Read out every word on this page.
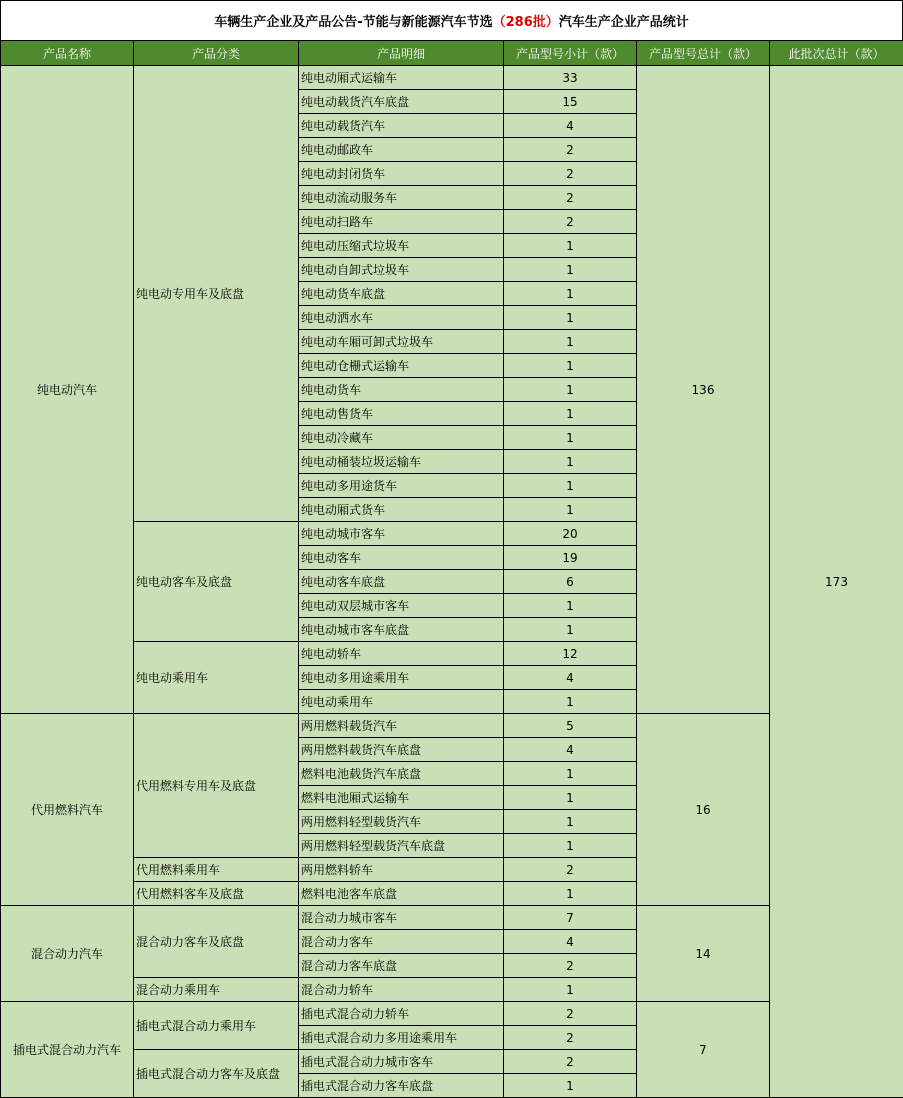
车辆生产企业及产品公告-节能与新能源汽车节选 （286批） 汽车生产企业产品统计
产品名称	产品分类	产品明细	产品型号小计（款）	产品型号总计（款）	此批次总计（款）
纯电动汽车	纯电动专用车及底盘	纯电动厢式运输车	33	136	173
		纯电动载货汽车底盘	15		
		纯电动载货汽车	4		
		纯电动邮政车	2		
		纯电动封闭货车	2		
		纯电动流动服务车	2		
		纯电动扫路车	2		
		纯电动压缩式垃圾车	1		
		纯电动自卸式垃圾车	1		
		纯电动货车底盘	1		
		纯电动洒水车	1		
		纯电动车厢可卸式垃圾车	1		
		纯电动仓栅式运输车	1		
		纯电动货车	1		
		纯电动售货车	1		
		纯电动冷藏车	1		
		纯电动桶装垃圾运输车	1		
		纯电动多用途货车	1		
		纯电动厢式货车	1		
	纯电动客车及底盘	纯电动城市客车	20		
		纯电动客车	19		
		纯电动客车底盘	6		
		纯电动双层城市客车	1		
		纯电动城市客车底盘	1		
	纯电动乘用车	纯电动轿车	12		
		纯电动多用途乘用车	4		
		纯电动乘用车	1		
代用燃料汽车	代用燃料专用车及底盘	两用燃料载货汽车	5	16	
		两用燃料载货汽车底盘	4		
		燃料电池载货汽车底盘	1		
		燃料电池厢式运输车	1		
		两用燃料轻型载货汽车	1		
		两用燃料轻型载货汽车底盘	1		
	代用燃料乘用车	两用燃料轿车	2		
	代用燃料客车及底盘	燃料电池客车底盘	1		
混合动力汽车	混合动力客车及底盘	混合动力城市客车	7	14	
		混合动力客车	4		
		混合动力客车底盘	2		
	混合动力乘用车	混合动力轿车	1		
插电式混合动力汽车	插电式混合动力乘用车	插电式混合动力轿车	2	7	
		插电式混合动力多用途乘用车	2		
	插电式混合动力客车及底盘	插电式混合动力城市客车	2		
		插电式混合动力客车底盘	1		
